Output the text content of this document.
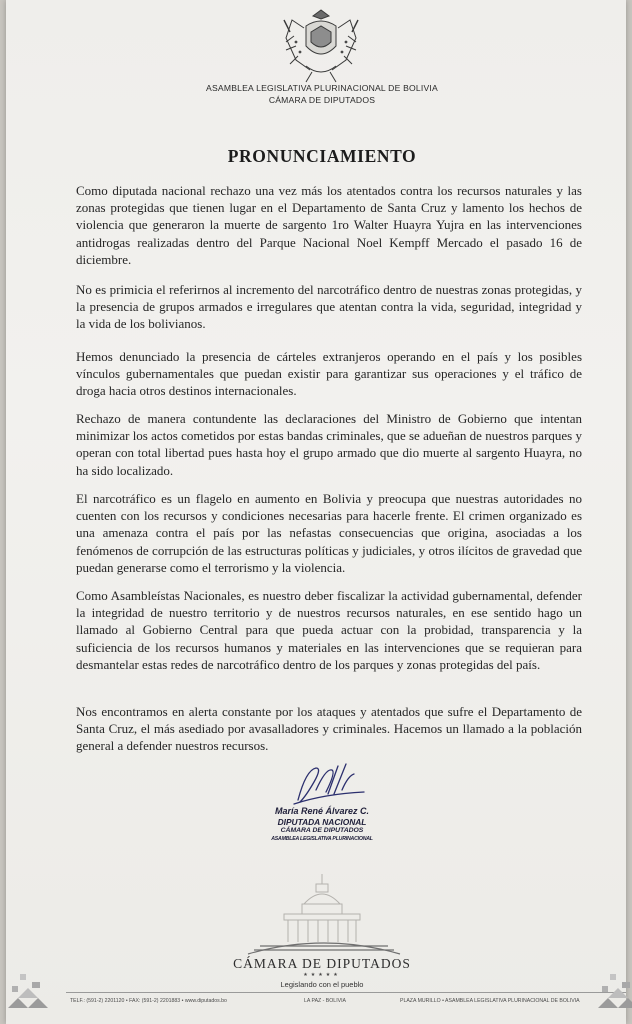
ASAMBLEA LEGISLATIVA PLURINACIONAL DE BOLIVIA
CÁMARA DE DIPUTADOS
PRONUNCIAMIENTO

Como diputada nacional rechazo una vez más los atentados contra los recursos naturales y las zonas protegidas que tienen lugar en el Departamento de Santa Cruz y lamento los hechos de violencia que generaron la muerte de sargento 1ro Walter Huayra Yujra en las intervenciones antidrogas realizadas dentro del Parque Nacional Noel Kempff Mercado el pasado 16 de diciembre.

No es primicia el referirnos al incremento del narcotráfico dentro de nuestras zonas protegidas, y la presencia de grupos armados e irregulares que atentan contra la vida, seguridad, integridad y la vida de los bolivianos.

Hemos denunciado la presencia de cárteles extranjeros operando en el país y los posibles vínculos gubernamentales que puedan existir para garantizar sus operaciones y el tráfico de droga hacia otros destinos internacionales.

Rechazo de manera contundente las declaraciones del Ministro de Gobierno que intentan minimizar los actos cometidos por estas bandas criminales, que se adueñan de nuestros parques y operan con total libertad pues hasta hoy el grupo armado que dio muerte al sargento Huayra, no ha sido localizado.

El narcotráfico es un flagelo en aumento en Bolivia y preocupa que nuestras autoridades no cuenten con los recursos y condiciones necesarias para hacerle frente. El crimen organizado es una amenaza contra el país por las nefastas consecuencias que origina, asociadas a los fenómenos de corrupción de las estructuras políticas y judiciales, y otros ilícitos de gravedad que puedan generarse como el terrorismo y la violencia.

Como Asambleístas Nacionales, es nuestro deber fiscalizar la actividad gubernamental, defender la integridad de nuestro territorio y de nuestros recursos naturales, en ese sentido hago un llamado al Gobierno Central para que pueda actuar con la probidad, transparencia y la suficiencia de los recursos humanos y materiales en las intervenciones que se requieran para desmantelar estas redes de narcotráfico dentro de los parques y zonas protegidas del país.

Nos encontramos en alerta constante por los ataques y atentados que sufre el Departamento de Santa Cruz, el más asediado por avasalladores y criminales. Hacemos un llamado a la población general a defender nuestros recursos.

María René Álvarez C.
DIPUTADA NACIONAL
CÁMARA DE DIPUTADOS
ASAMBLEA LEGISLATIVA PLURINACIONAL
CÁMARA DE DIPUTADOS
★★★★★
Legislando con el pueblo
TELF.: (591-2) 2201120 • FAX: (591-2) 2201883 • www.diputados.bo	LA PAZ - BOLIVIA	PLAZA MURILLO • ASAMBLEA LEGISLATIVA PLURINACIONAL DE BOLIVIA
